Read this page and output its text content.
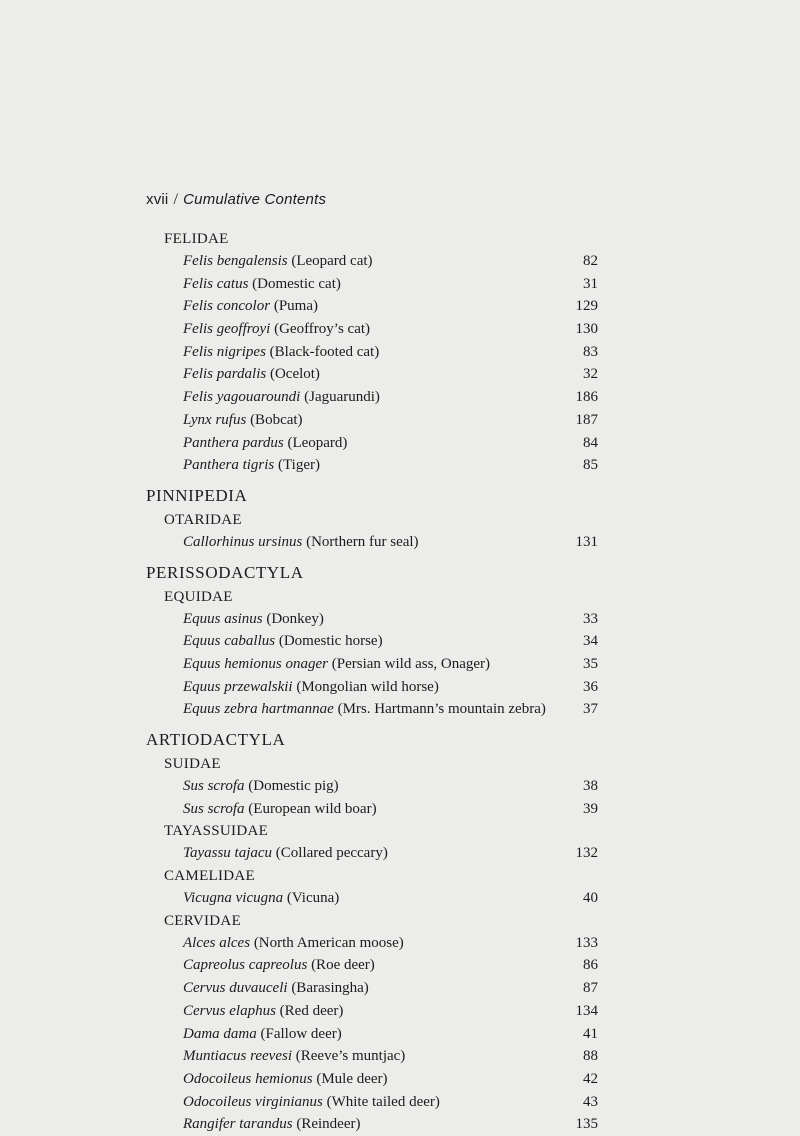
xvii / Cumulative Contents
FELIDAE
Felis bengalensis (Leopard cat)	82
Felis catus (Domestic cat)	31
Felis concolor (Puma)	129
Felis geoffroyi (Geoffroy’s cat)	130
Felis nigripes (Black-footed cat)	83
Felis pardalis (Ocelot)	32
Felis yagouaroundi (Jaguarundi)	186
Lynx rufus (Bobcat)	187
Panthera pardus (Leopard)	84
Panthera tigris (Tiger)	85
PINNIPEDIA
OTARIDAE
Callorhinus ursinus (Northern fur seal)	131
PERISSODACTYLA
EQUIDAE
Equus asinus (Donkey)	33
Equus caballus (Domestic horse)	34
Equus hemionus onager (Persian wild ass, Onager)	35
Equus przewalskii (Mongolian wild horse)	36
Equus zebra hartmannae (Mrs. Hartmann’s mountain zebra)	37
ARTIODACTYLA
SUIDAE
Sus scrofa (Domestic pig)	38
Sus scrofa (European wild boar)	39
TAYASSUIDAE
Tayassu tajacu (Collared peccary)	132
CAMELIDAE
Vicugna vicugna (Vicuna)	40
CERVIDAE
Alces alces (North American moose)	133
Capreolus capreolus (Roe deer)	86
Cervus duvauceli (Barasingha)	87
Cervus elaphus (Red deer)	134
Dama dama (Fallow deer)	41
Muntiacus reevesi (Reeve’s muntjac)	88
Odocoileus hemionus (Mule deer)	42
Odocoileus virginianus (White tailed deer)	43
Rangifer tarandus (Reindeer)	135
